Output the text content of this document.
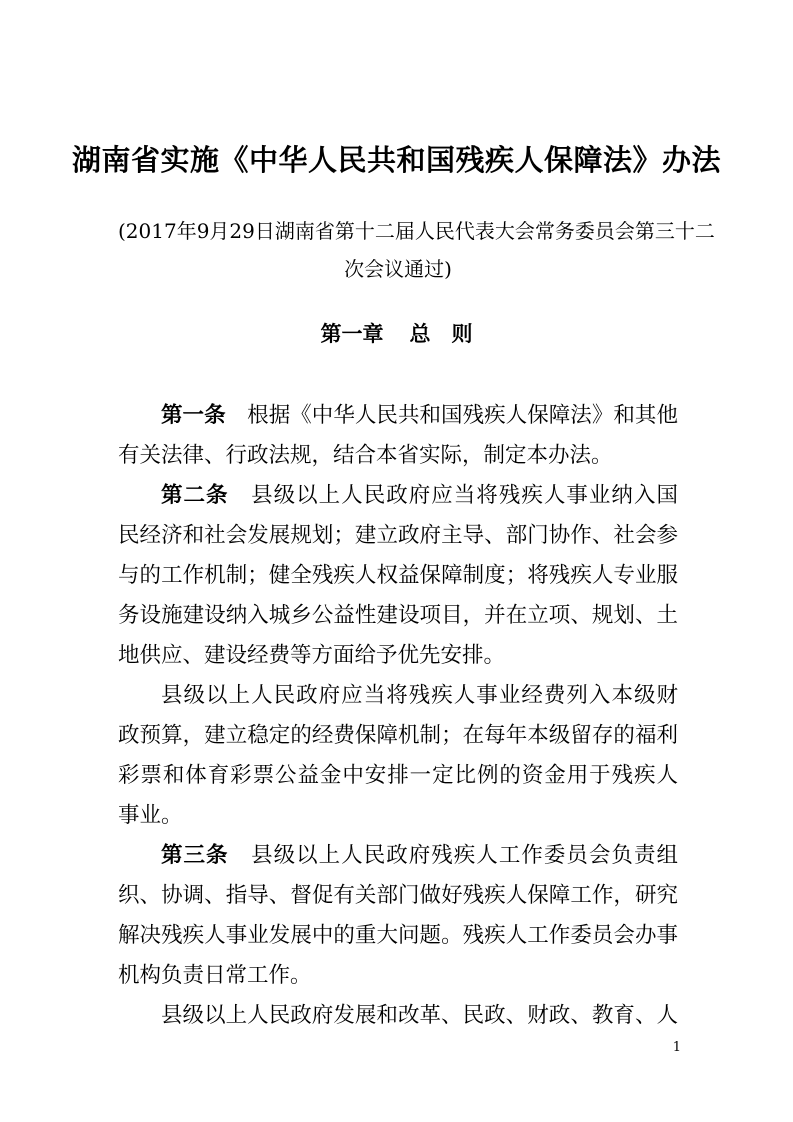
湖南省实施《中华人民共和国残疾人保障法》办法
(2017年9月29日湖南省第十二届人民代表大会常务委员会第三十二
次会议通过)
第一章 总　则
第一条　 根据《中华人民共和国残疾人保障法》和其他
有关法律、行政法规，结合本省实际，制定本办法。
第二条　 县级以上人民政府应当将残疾人事业纳入国
民经济和社会发展规划；建立政府主导、部门协作、社会参
与的工作机制；健全残疾人权益保障制度；将残疾人专业服
务设施建设纳入城乡公益性建设项目，并在立项、规划、土
地供应、建设经费等方面给予优先安排。
县级以上人民政府应当将残疾人事业经费列入本级财
政预算，建立稳定的经费保障机制；在每年本级留存的福利
彩票和体育彩票公益金中安排一定比例的资金用于残疾人
事业。
第三条　 县级以上人民政府残疾人工作委员会负责组
织、协调、指导、督促有关部门做好残疾人保障工作，研究
解决残疾人事业发展中的重大问题。残疾人工作委员会办事
机构负责日常工作。
县级以上人民政府发展和改革、民政、财政、教育、人
1
